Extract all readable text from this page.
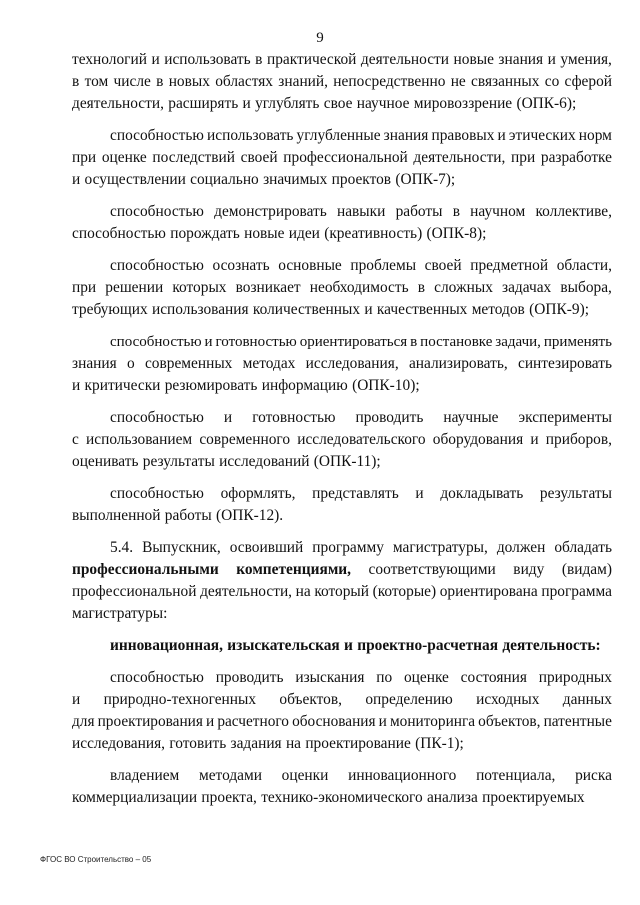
9
технологий и использовать в практической деятельности новые знания и умения,
в том числе в новых областях знаний, непосредственно не связанных со сферой
деятельности, расширять и углублять свое научное мировоззрение (ОПК-6);
способностью использовать углубленные знания правовых и этических норм
при оценке последствий своей профессиональной деятельности, при разработке
и осуществлении социально значимых проектов (ОПК-7);
способностью демонстрировать навыки работы в научном коллективе,
способностью порождать новые идеи (креативность) (ОПК-8);
способностью осознать основные проблемы своей предметной области,
при решении которых возникает необходимость в сложных задачах выбора,
требующих использования количественных и качественных методов (ОПК-9);
способностью и готовностью ориентироваться в постановке задачи, применять
знания о современных методах исследования, анализировать, синтезировать
и критически резюмировать информацию (ОПК-10);
способностью и готовностью проводить научные эксперименты
с использованием современного исследовательского оборудования и приборов,
оценивать результаты исследований (ОПК-11);
способностью оформлять, представлять и докладывать результаты
выполненной работы (ОПК-12).
5.4. Выпускник, освоивший программу магистратуры, должен обладать
профессиональными компетенциями, соответствующими виду (видам)
профессиональной деятельности, на который (которые) ориентирована программа
магистратуры:
инновационная, изыскательская и проектно-расчетная деятельность:
способностью проводить изыскания по оценке состояния природных
и природно-техногенных объектов, определению исходных данных
для проектирования и расчетного обоснования и мониторинга объектов, патентные
исследования, готовить задания на проектирование (ПК-1);
владением методами оценки инновационного потенциала, риска
коммерциализации проекта, технико-экономического анализа проектируемых
ФГОС ВО Строительство – 05
